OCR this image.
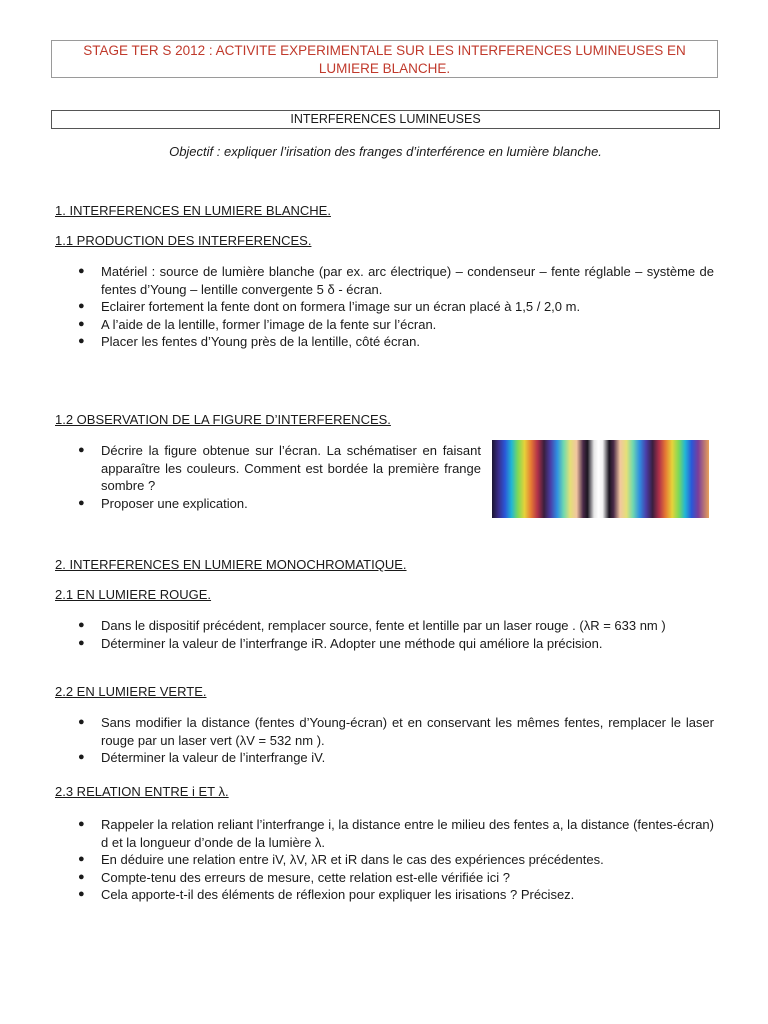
STAGE TER S 2012 : ACTIVITE EXPERIMENTALE SUR LES INTERFERENCES LUMINEUSES EN
LUMIERE BLANCHE.
INTERFERENCES LUMINEUSES
Objectif : expliquer l’irisation des franges d’interférence en lumière blanche.
1. INTERFERENCES EN LUMIERE BLANCHE.
1.1 PRODUCTION DES INTERFERENCES.
● Matériel : source de lumière blanche (par ex. arc électrique) – condenseur – fente réglable – système de fentes d’Young – lentille convergente 5 δ - écran.
● Eclairer fortement la fente dont on formera l’image sur un écran placé à 1,5 / 2,0 m.
● A l’aide de la lentille, former l’image de la fente sur l’écran.
● Placer les fentes d’Young près de la lentille, côté écran.
1.2 OBSERVATION DE LA FIGURE D’INTERFERENCES.
● Décrire la figure obtenue sur l’écran. La schématiser en faisant apparaître les couleurs. Comment est bordée la première frange sombre ?
● Proposer une explication.
2. INTERFERENCES EN LUMIERE MONOCHROMATIQUE.
2.1 EN LUMIERE ROUGE.
● Dans le dispositif précédent, remplacer source, fente et lentille par un laser rouge . (λR = 633 nm )
● Déterminer la valeur de l’interfrange iR. Adopter une méthode qui améliore la précision.
2.2 EN LUMIERE VERTE.
● Sans modifier la distance (fentes d’Young-écran) et en conservant les mêmes fentes, remplacer le laser rouge par un laser vert (λV = 532 nm ).
● Déterminer la valeur de l’interfrange iV.
2.3 RELATION ENTRE i ET λ.
● Rappeler la relation reliant l’interfrange i, la distance entre le milieu des fentes a, la distance (fentes-écran) d et la longueur d’onde de la lumière λ.
● En déduire une relation entre iV, λV, λR et iR dans le cas des expériences précédentes.
● Compte-tenu des erreurs de mesure, cette relation est-elle vérifiée ici ?
● Cela apporte-t-il des éléments de réflexion pour expliquer les irisations ? Précisez.
